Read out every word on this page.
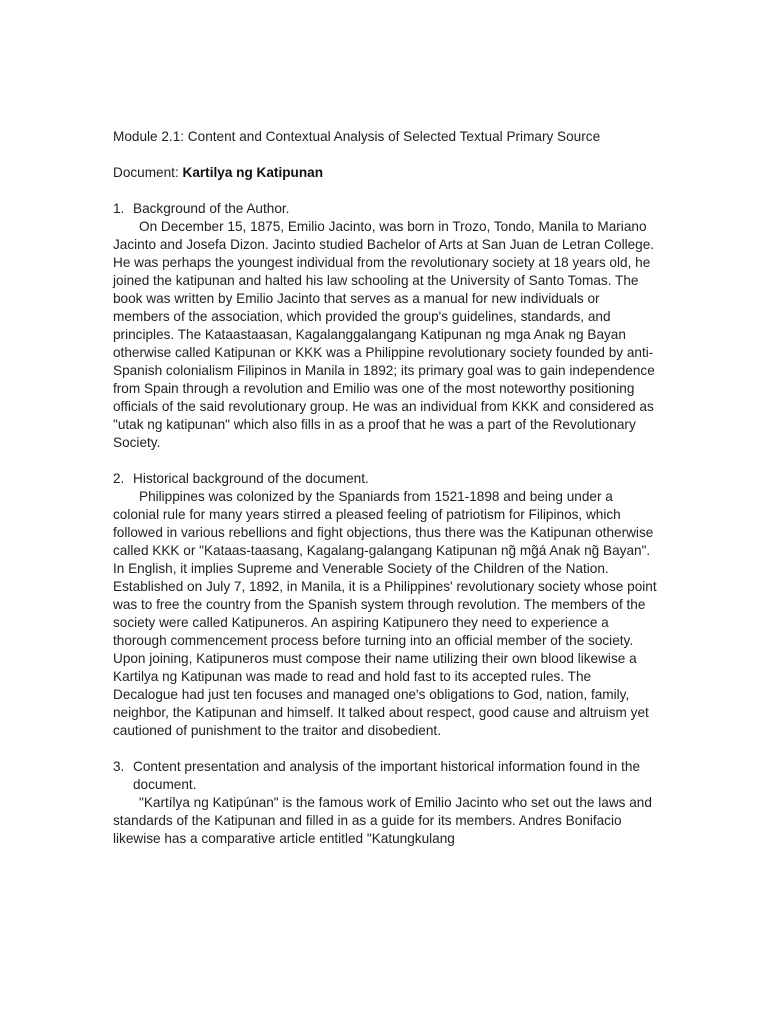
Module 2.1: Content and Contextual Analysis of Selected Textual Primary Source

Document: Kartilya ng Katipunan

1. Background of the Author.

On December 15, 1875, Emilio Jacinto, was born in Trozo, Tondo, Manila to Mariano Jacinto and Josefa Dizon. Jacinto studied Bachelor of Arts at San Juan de Letran College. He was perhaps the youngest individual from the revolutionary society at 18 years old, he joined the katipunan and halted his law schooling at the University of Santo Tomas. The book was written by Emilio Jacinto that serves as a manual for new individuals or members of the association, which provided the group's guidelines, standards, and principles. The Kataastaasan, Kagalanggalangang Katipunan ng mga Anak ng Bayan otherwise called Katipunan or KKK was a Philippine revolutionary society founded by anti-Spanish colonialism Filipinos in Manila in 1892; its primary goal was to gain independence from Spain through a revolution and Emilio was one of the most noteworthy positioning officials of the said revolutionary group. He was an individual from KKK and considered as "utak ng katipunan" which also fills in as a proof that he was a part of the Revolutionary Society.

2. Historical background of the document.

Philippines was colonized by the Spaniards from 1521-1898 and being under a colonial rule for many years stirred a pleased feeling of patriotism for Filipinos, which followed in various rebellions and fight objections, thus there was the Katipunan otherwise called KKK or "Kataas-taasang, Kagalang-galangang Katipunan ng̃ mg̃á Anak ng̃ Bayan". In English, it implies Supreme and Venerable Society of the Children of the Nation. Established on July 7, 1892, in Manila, it is a Philippines' revolutionary society whose point was to free the country from the Spanish system through revolution. The members of the society were called Katipuneros. An aspiring Katipunero they need to experience a thorough commencement process before turning into an official member of the society. Upon joining, Katipuneros must compose their name utilizing their own blood likewise a Kartilya ng Katipunan was made to read and hold fast to its accepted rules. The Decalogue had just ten focuses and managed one's obligations to God, nation, family, neighbor, the Katipunan and himself. It talked about respect, good cause and altruism yet cautioned of punishment to the traitor and disobedient.

3. Content presentation and analysis of the important historical information found in the document.

"Kartílya ng Katipúnan" is the famous work of Emilio Jacinto who set out the laws and standards of the Katipunan and filled in as a guide for its members. Andres Bonifacio likewise has a comparative article entitled "Katungkulang
